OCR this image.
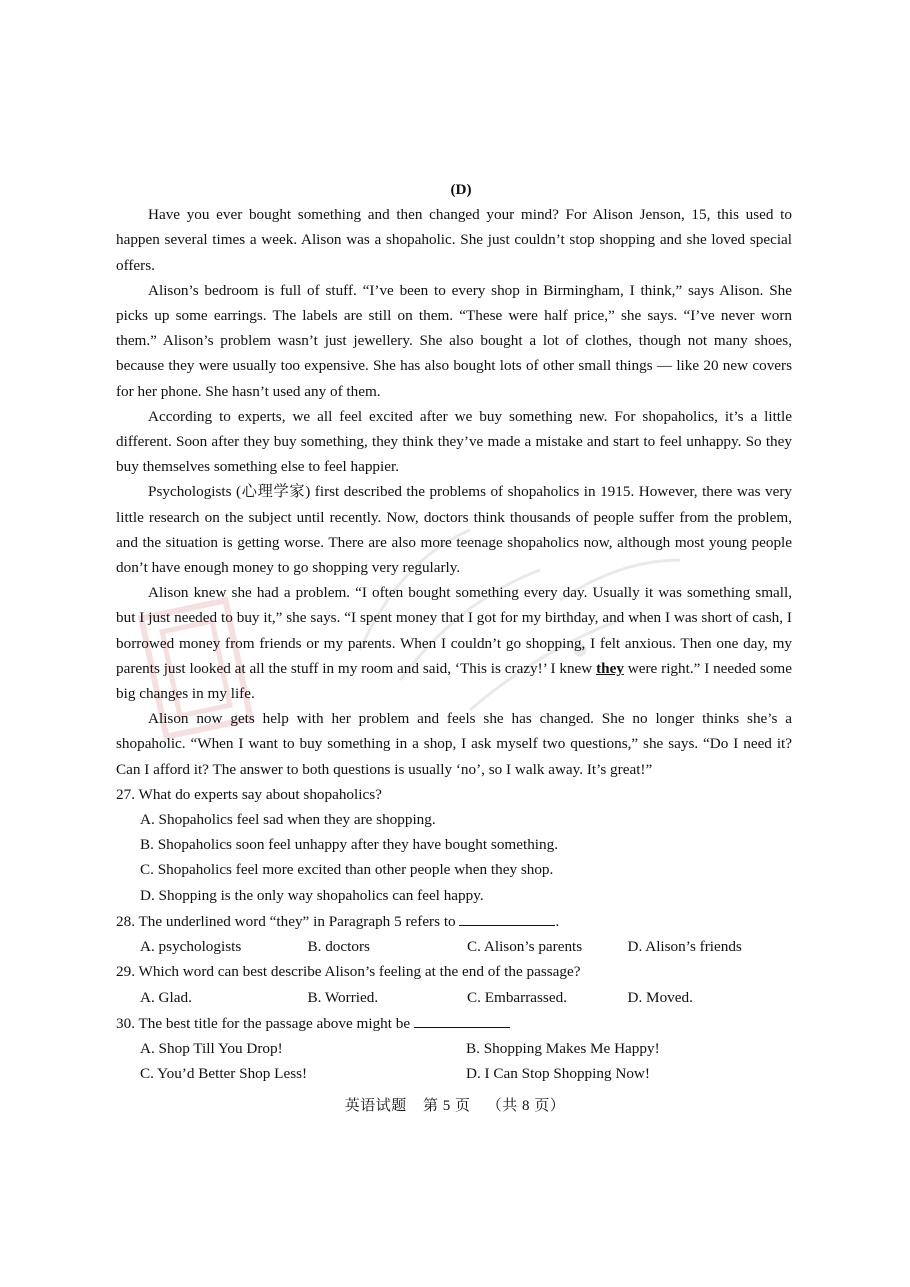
(D)

Have you ever bought something and then changed your mind? For Alison Jenson, 15, this used to happen several times a week. Alison was a shopaholic. She just couldn’t stop shopping and she loved special offers.

Alison’s bedroom is full of stuff. “I’ve been to every shop in Birmingham, I think,” says Alison. She picks up some earrings. The labels are still on them. “These were half price,” she says. “I’ve never worn them.” Alison’s problem wasn’t just jewellery. She also bought a lot of clothes, though not many shoes, because they were usually too expensive. She has also bought lots of other small things — like 20 new covers for her phone. She hasn’t used any of them.

According to experts, we all feel excited after we buy something new. For shopaholics, it’s a little different. Soon after they buy something, they think they’ve made a mistake and start to feel unhappy. So they buy themselves something else to feel happier.

Psychologists (心理学家) first described the problems of shopaholics in 1915. However, there was very little research on the subject until recently. Now, doctors think thousands of people suffer from the problem, and the situation is getting worse. There are also more teenage shopaholics now, although most young people don’t have enough money to go shopping very regularly.

Alison knew she had a problem. “I often bought something every day. Usually it was something small, but I just needed to buy it,” she says. “I spent money that I got for my birthday, and when I was short of cash, I borrowed money from friends or my parents. When I couldn’t go shopping, I felt anxious. Then one day, my parents just looked at all the stuff in my room and said, ‘This is crazy!’ I knew they were right.” I needed some big changes in my life.

Alison now gets help with her problem and feels she has changed. She no longer thinks she’s a shopaholic. “When I want to buy something in a shop, I ask myself two questions,” she says. “Do I need it? Can I afford it? The answer to both questions is usually ‘no’, so I walk away. It’s great!”

27. What do experts say about shopaholics?

A. Shopaholics feel sad when they are shopping.
B. Shopaholics soon feel unhappy after they have bought something.
C. Shopaholics feel more excited than other people when they shop.
D. Shopping is the only way shopaholics can feel happy.

28. The underlined word “they” in Paragraph 5 refers to	.

A. psychologists	B. doctors	C. Alison’s parents	D. Alison’s friends

29. Which word can best describe Alison’s feeling at the end of the passage?

A. Glad.	B. Worried.	C. Embarrassed.	D. Moved.

30. The best title for the passage above might be

A. Shop Till You Drop!	B. Shopping Makes Me Happy!
C. You’d Better Shop Less!	D. I Can Stop Shopping Now!
英语试题 第 5 页 （共 8 页）
